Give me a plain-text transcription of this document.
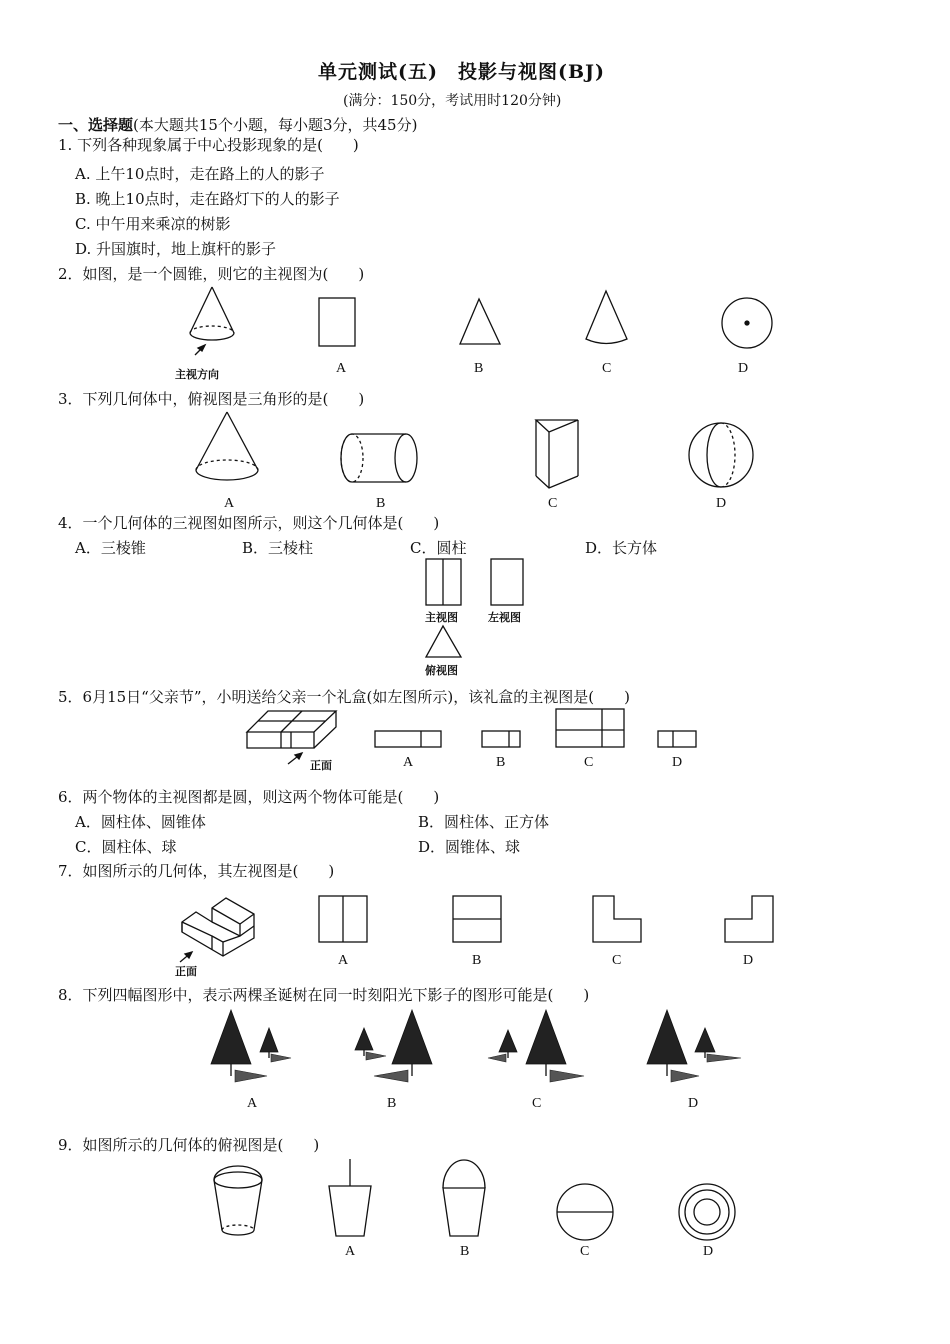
单元测试(五)　投影与视图(BJ)
(满分：150分，考试用时120分钟)
一、选择题(本大题共15个小题，每小题3分，共45分)
1. 下列各种现象属于中心投影现象的是(　　)
A. 上午10点时，走在路上的人的影子
B. 晚上10点时，走在路灯下的人的影子
C. 中午用来乘凉的树影
D. 升国旗时，地上旗杆的影子
2．如图，是一个圆锥，则它的主视图为(　　)
主视方向	A	B	C	D
3．下列几何体中，俯视图是三角形的是(　　)
A	B	C	D
4．一个几何体的三视图如图所示，则这个几何体是(　　)
A．三棱锥	B．三棱柱	C．圆柱	D．长方体
主视图	左视图
俯视图
5．6月15日“父亲节”，小明送给父亲一个礼盒(如左图所示)，该礼盒的主视图是(　　)
正面	A	B	C	D
6．两个物体的主视图都是圆，则这两个物体可能是(　　)
A．圆柱体、圆锥体	B．圆柱体、正方体
C．圆柱体、球	D．圆锥体、球
7．如图所示的几何体，其左视图是(　　)
正面
A	B	C	D
8．下列四幅图形中，表示两棵圣诞树在同一时刻阳光下影子的图形可能是(　　)
A	B	C	D
9．如图所示的几何体的俯视图是(　　)
A	B	C	D
